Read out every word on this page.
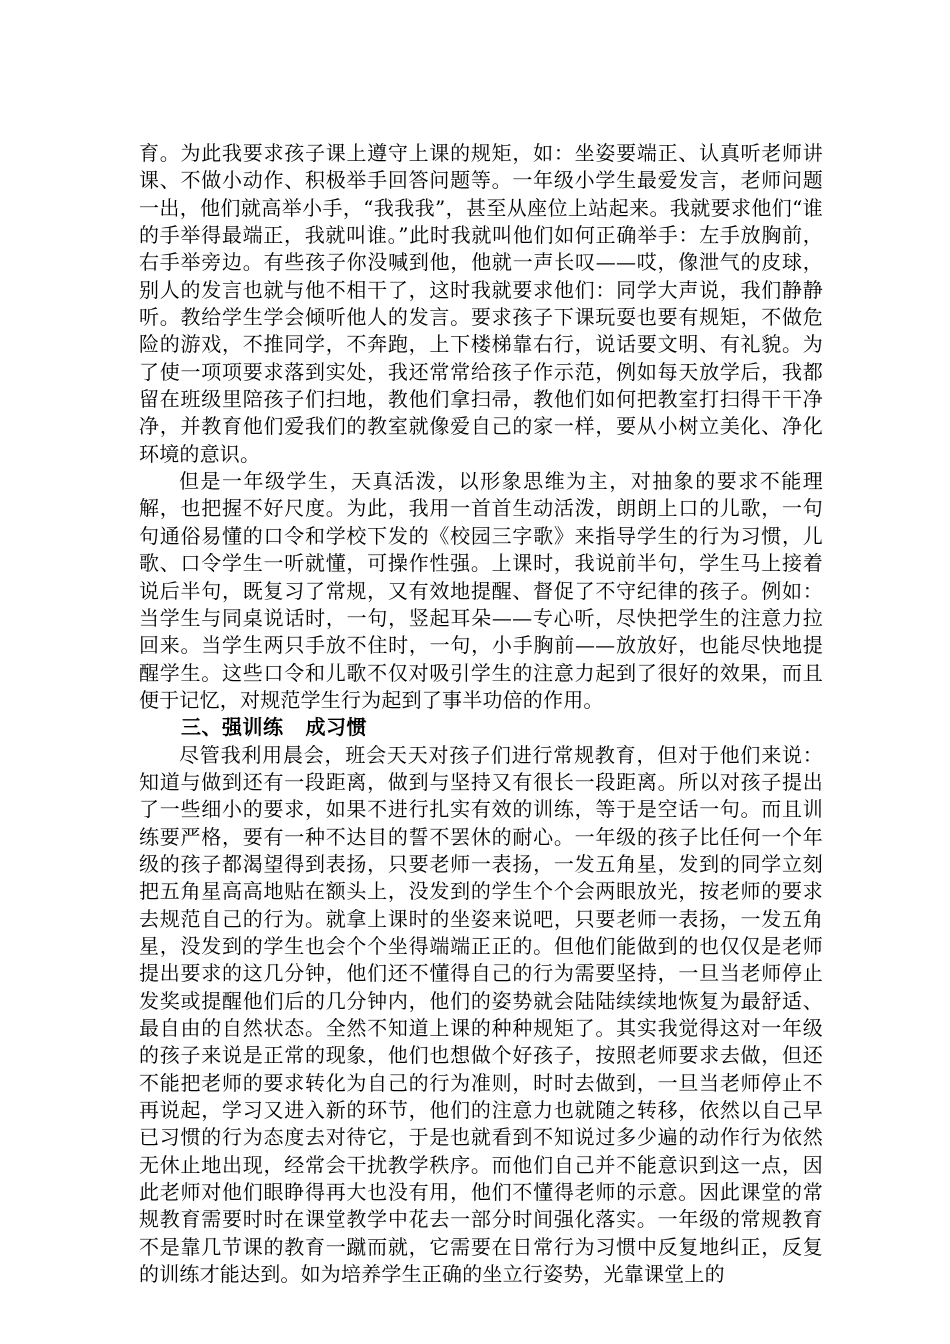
育。为此我要求孩子课上遵守上课的规矩，如：坐姿要端正、认真听老师讲课、不做小动作、积极举手回答问题等。一年级小学生最爱发言，老师问题一出，他们就高举小手，“我我我”，甚至从座位上站起来。我就要求他们“谁的手举得最端正，我就叫谁。”此时我就叫他们如何正确举手：左手放胸前，右手举旁边。有些孩子你没喊到他，他就一声长叹——哎，像泄气的皮球，别人的发言也就与他不相干了，这时我就要求他们：同学大声说，我们静静听。教给学生学会倾听他人的发言。要求孩子下课玩耍也要有规矩，不做危险的游戏，不推同学，不奔跑，上下楼梯靠右行，说话要文明、有礼貌。为了使一项项要求落到实处，我还常常给孩子作示范，例如每天放学后，我都留在班级里陪孩子们扫地，教他们拿扫帚，教他们如何把教室打扫得干干净净，并教育他们爱我们的教室就像爱自己的家一样，要从小树立美化、净化环境的意识。

但是一年级学生，天真活泼，以形象思维为主，对抽象的要求不能理解，也把握不好尺度。为此，我用一首首生动活泼，朗朗上口的儿歌，一句句通俗易懂的口令和学校下发的《校园三字歌》来指导学生的行为习惯，儿歌、口令学生一听就懂，可操作性强。上课时，我说前半句，学生马上接着说后半句，既复习了常规，又有效地提醒、督促了不守纪律的孩子。例如：当学生与同桌说话时，一句，竖起耳朵——专心听，尽快把学生的注意力拉回来。当学生两只手放不住时，一句，小手胸前——放放好，也能尽快地提醒学生。这些口令和儿歌不仅对吸引学生的注意力起到了很好的效果，而且便于记忆，对规范学生行为起到了事半功倍的作用。

三、强训练 成习惯

尽管我利用晨会，班会天天对孩子们进行常规教育，但对于他们来说：知道与做到还有一段距离，做到与坚持又有很长一段距离。所以对孩子提出了一些细小的要求，如果不进行扎实有效的训练，等于是空话一句。而且训练要严格，要有一种不达目的誓不罢休的耐心。一年级的孩子比任何一个年级的孩子都渴望得到表扬，只要老师一表扬，一发五角星，发到的同学立刻把五角星高高地贴在额头上，没发到的学生个个会两眼放光，按老师的要求去规范自己的行为。就拿上课时的坐姿来说吧，只要老师一表扬，一发五角星，没发到的学生也会个个坐得端端正正的。但他们能做到的也仅仅是老师提出要求的这几分钟，他们还不懂得自己的行为需要坚持，一旦当老师停止发奖或提醒他们后的几分钟内，他们的姿势就会陆陆续续地恢复为最舒适、最自由的自然状态。全然不知道上课的种种规矩了。其实我觉得这对一年级的孩子来说是正常的现象，他们也想做个好孩子，按照老师要求去做，但还不能把老师的要求转化为自己的行为准则，时时去做到，一旦当老师停止不再说起，学习又进入新的环节，他们的注意力也就随之转移，依然以自己早已习惯的行为态度去对待它，于是也就看到不知说过多少遍的动作行为依然无休止地出现，经常会干扰教学秩序。而他们自己并不能意识到这一点，因此老师对他们眼睁得再大也没有用，他们不懂得老师的示意。因此课堂的常规教育需要时时在课堂教学中花去一部分时间强化落实。一年级的常规教育不是靠几节课的教育一蹴而就，它需要在日常行为习惯中反复地纠正，反复的训练才能达到。如为培养学生正确的坐立行姿势，光靠课堂上的
